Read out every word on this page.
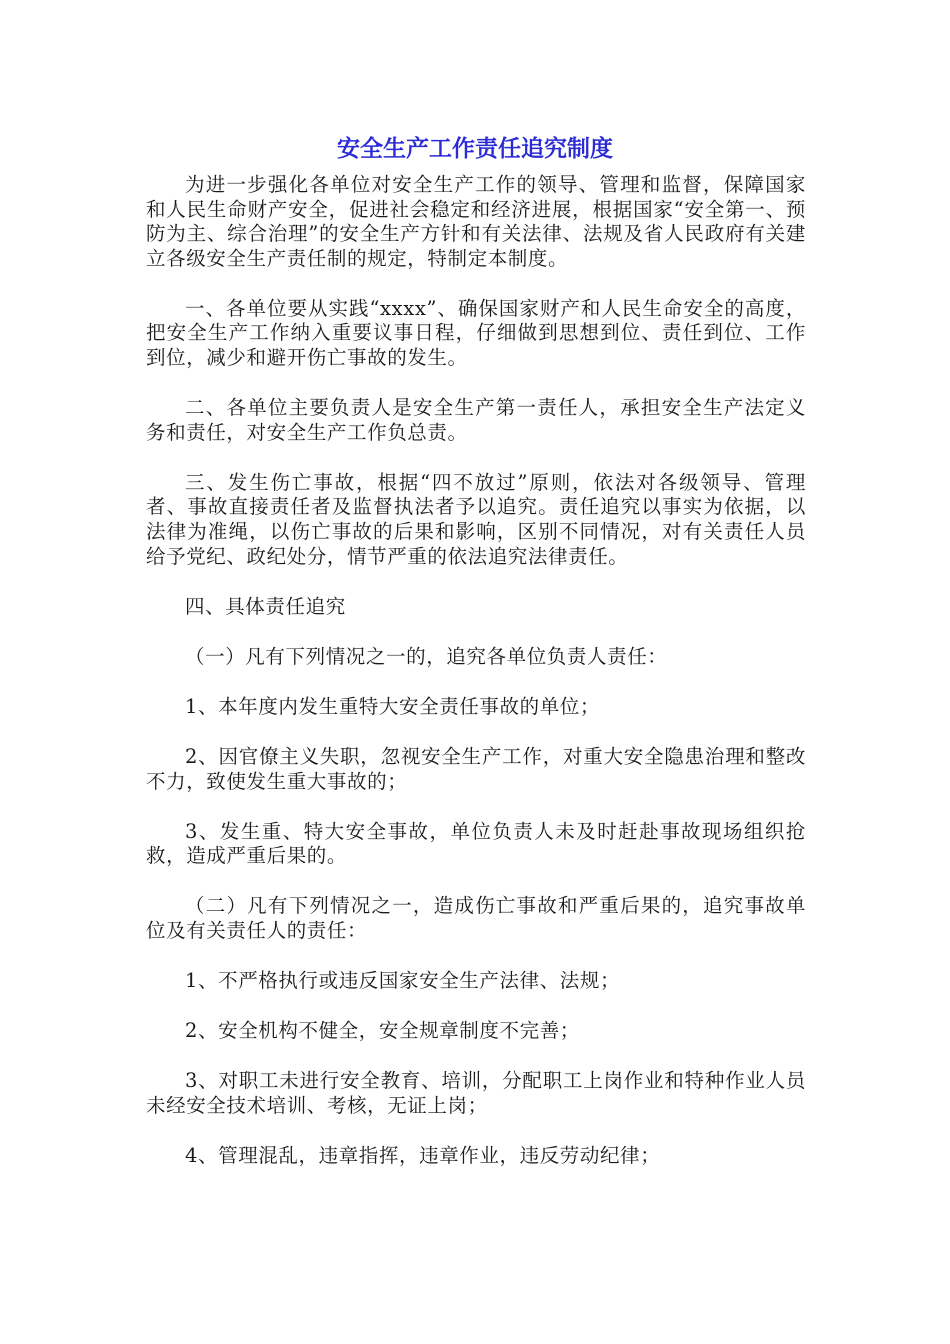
安全生产工作责任追究制度

为进一步强化各单位对安全生产工作的领导、管理和监督，保障国家和人民生命财产安全，促进社会稳定和经济进展，根据国家“安全第一、预防为主、综合治理”的安全生产方针和有关法律、法规及省人民政府有关建立各级安全生产责任制的规定，特制定本制度。

一、各单位要从实践“xxxx”、确保国家财产和人民生命安全的高度，把安全生产工作纳入重要议事日程，仔细做到思想到位、责任到位、工作到位，减少和避开伤亡事故的发生。

二、各单位主要负责人是安全生产第一责任人，承担安全生产法定义务和责任，对安全生产工作负总责。

三、发生伤亡事故，根据“四不放过”原则，依法对各级领导、管理者、事故直接责任者及监督执法者予以追究。责任追究以事实为依据，以法律为准绳，以伤亡事故的后果和影响，区别不同情况，对有关责任人员给予党纪、政纪处分，情节严重的依法追究法律责任。

四、具体责任追究

（一）凡有下列情况之一的，追究各单位负责人责任：

1、本年度内发生重特大安全责任事故的单位；

2、因官僚主义失职，忽视安全生产工作，对重大安全隐患治理和整改不力，致使发生重大事故的；

3、发生重、特大安全事故，单位负责人未及时赶赴事故现场组织抢救，造成严重后果的。

（二）凡有下列情况之一，造成伤亡事故和严重后果的，追究事故单位及有关责任人的责任：

1、不严格执行或违反国家安全生产法律、法规；

2、安全机构不健全，安全规章制度不完善；

3、对职工未进行安全教育、培训，分配职工上岗作业和特种作业人员未经安全技术培训、考核，无证上岗；

4、管理混乱，违章指挥，违章作业，违反劳动纪律；
